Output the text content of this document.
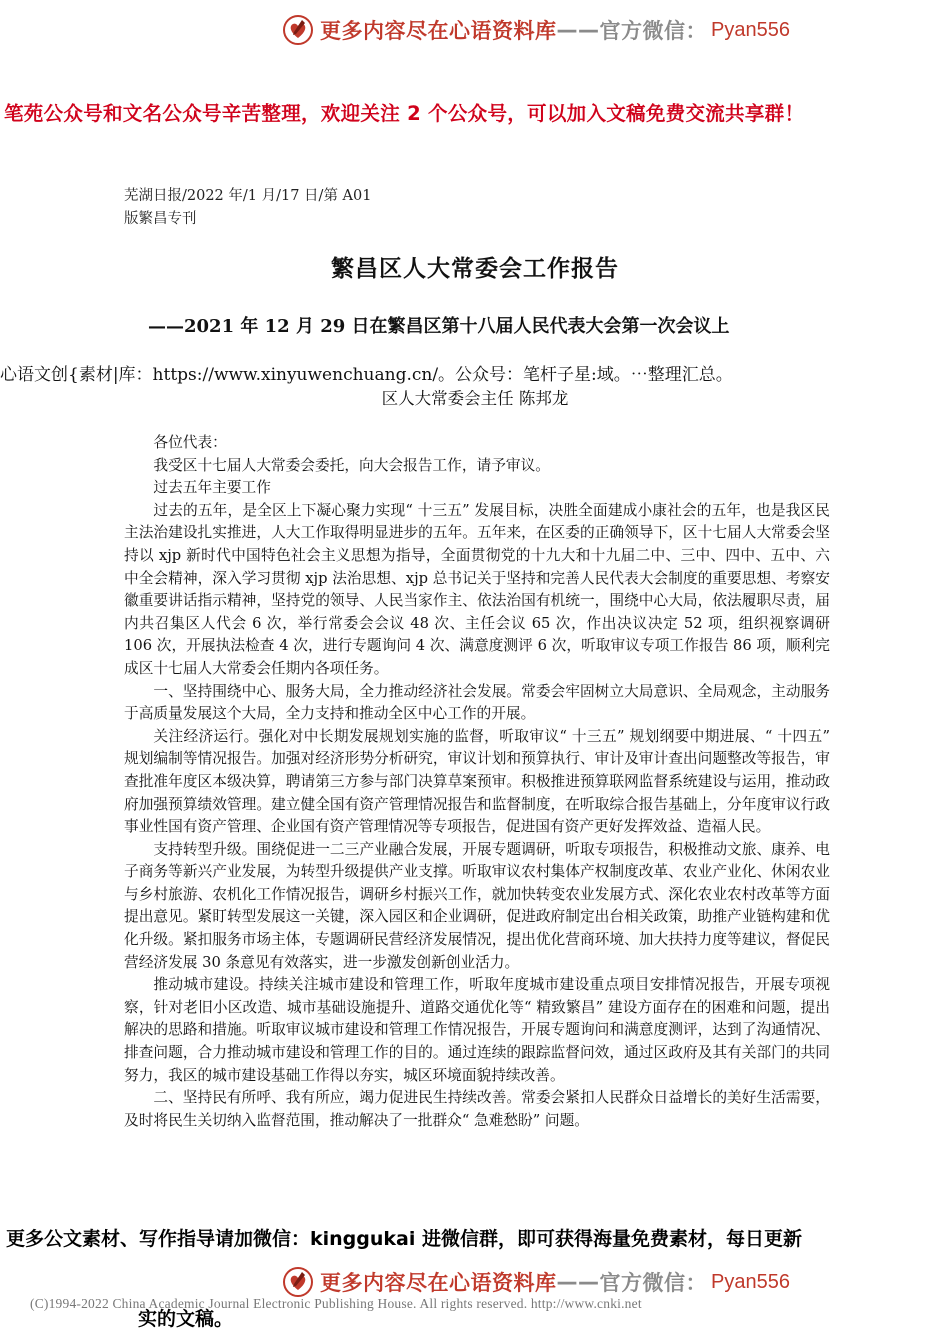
更多内容尽在心语资料库 —— 官方微信： Pyan556
笔苑公众号和文名公众号辛苦整理，欢迎关注 2 个公众号，可以加入文稿免费交流共享群！
芜湖日报/2022 年/1 月/17 日/第 A01
版繁昌专刊
繁昌区人大常委会工作报告
——2021 年 12 月 29 日在繁昌区第十八届人民代表大会第一次会议上
心语文创{素材|库：https://www.xinyuwenchuang.cn/。公众号：笔杆子星:域。⋯整理汇总。
区人大常委会主任 陈邦龙

各位代表：

我受区十七届人大常委会委托，向大会报告工作，请予审议。

过去五年主要工作

过去的五年，是全区上下凝心聚力实现“ 十三五” 发展目标，决胜全面建成小康社会的五年，也是我区民主法治建设扎实推进，人大工作取得明显进步的五年。五年来，在区委的正确领导下，区十七届人大常委会坚持以 xjp 新时代中国特色社会主义思想为指导，全面贯彻党的十九大和十九届二中、三中、四中、五中、六中全会精神，深入学习贯彻 xjp 法治思想、xjp 总书记关于坚持和完善人民代表大会制度的重要思想、考察安徽重要讲话指示精神，坚持党的领导、人民当家作主、依法治国有机统一，围绕中心大局，依法履职尽责，届内共召集区人代会 6 次，举行常委会会议 48 次、主任会议 65 次，作出决议决定 52 项，组织视察调研 106 次，开展执法检查 4 次，进行专题询问 4 次、满意度测评 6 次，听取审议专项工作报告 86 项，顺利完成区十七届人大常委会任期内各项任务。

一、坚持围绕中心、服务大局，全力推动经济社会发展。常委会牢固树立大局意识、全局观念，主动服务于高质量发展这个大局，全力支持和推动全区中心工作的开展。

关注经济运行。强化对中长期发展规划实施的监督，听取审议“ 十三五” 规划纲要中期进展、“ 十四五” 规划编制等情况报告。加强对经济形势分析研究，审议计划和预算执行、审计及审计查出问题整改等报告，审查批准年度区本级决算，聘请第三方参与部门决算草案预审。积极推进预算联网监督系统建设与运用，推动政府加强预算绩效管理。建立健全国有资产管理情况报告和监督制度，在听取综合报告基础上，分年度审议行政事业性国有资产管理、企业国有资产管理情况等专项报告，促进国有资产更好发挥效益、造福人民。

支持转型升级。围绕促进一二三产业融合发展，开展专题调研，听取专项报告，积极推动文旅、康养、电子商务等新兴产业发展，为转型升级提供产业支撑。听取审议农村集体产权制度改革、农业产业化、休闲农业与乡村旅游、农机化工作情况报告，调研乡村振兴工作，就加快转变农业发展方式、深化农业农村改革等方面提出意见。紧盯转型发展这一关键，深入园区和企业调研，促进政府制定出台相关政策，助推产业链构建和优化升级。紧扣服务市场主体，专题调研民营经济发展情况，提出优化营商环境、加大扶持力度等建议，督促民营经济发展 30 条意见有效落实，进一步激发创新创业活力。

推动城市建设。持续关注城市建设和管理工作，听取年度城市建设重点项目安排情况报告，开展专项视察，针对老旧小区改造、城市基础设施提升、道路交通优化等“ 精致繁昌” 建设方面存在的困难和问题，提出解决的思路和措施。听取审议城市建设和管理工作情况报告，开展专题询问和满意度测评，达到了沟通情况、排查问题，合力推动城市建设和管理工作的目的。通过连续的跟踪监督问效，通过区政府及其有关部门的共同努力，我区的城市建设基础工作得以夯实，城区环境面貌持续改善。

二、坚持民有所呼、我有所应，竭力促进民生持续改善。常委会紧扣人民群众日益增长的美好生活需要，及时将民生关切纳入监督范围，推动解决了一批群众“ 急难愁盼” 问题。

更多公文素材、写作指导请加微信：kinggukai 进微信群，即可获得海量免费素材，每日更新
更多内容尽在心语资料库 —— 官方微信： Pyan556
(C)1994-2022 China Academic Journal Electronic Publishing House. All rights reserved. http://www.cnki.net
实的文稿。
